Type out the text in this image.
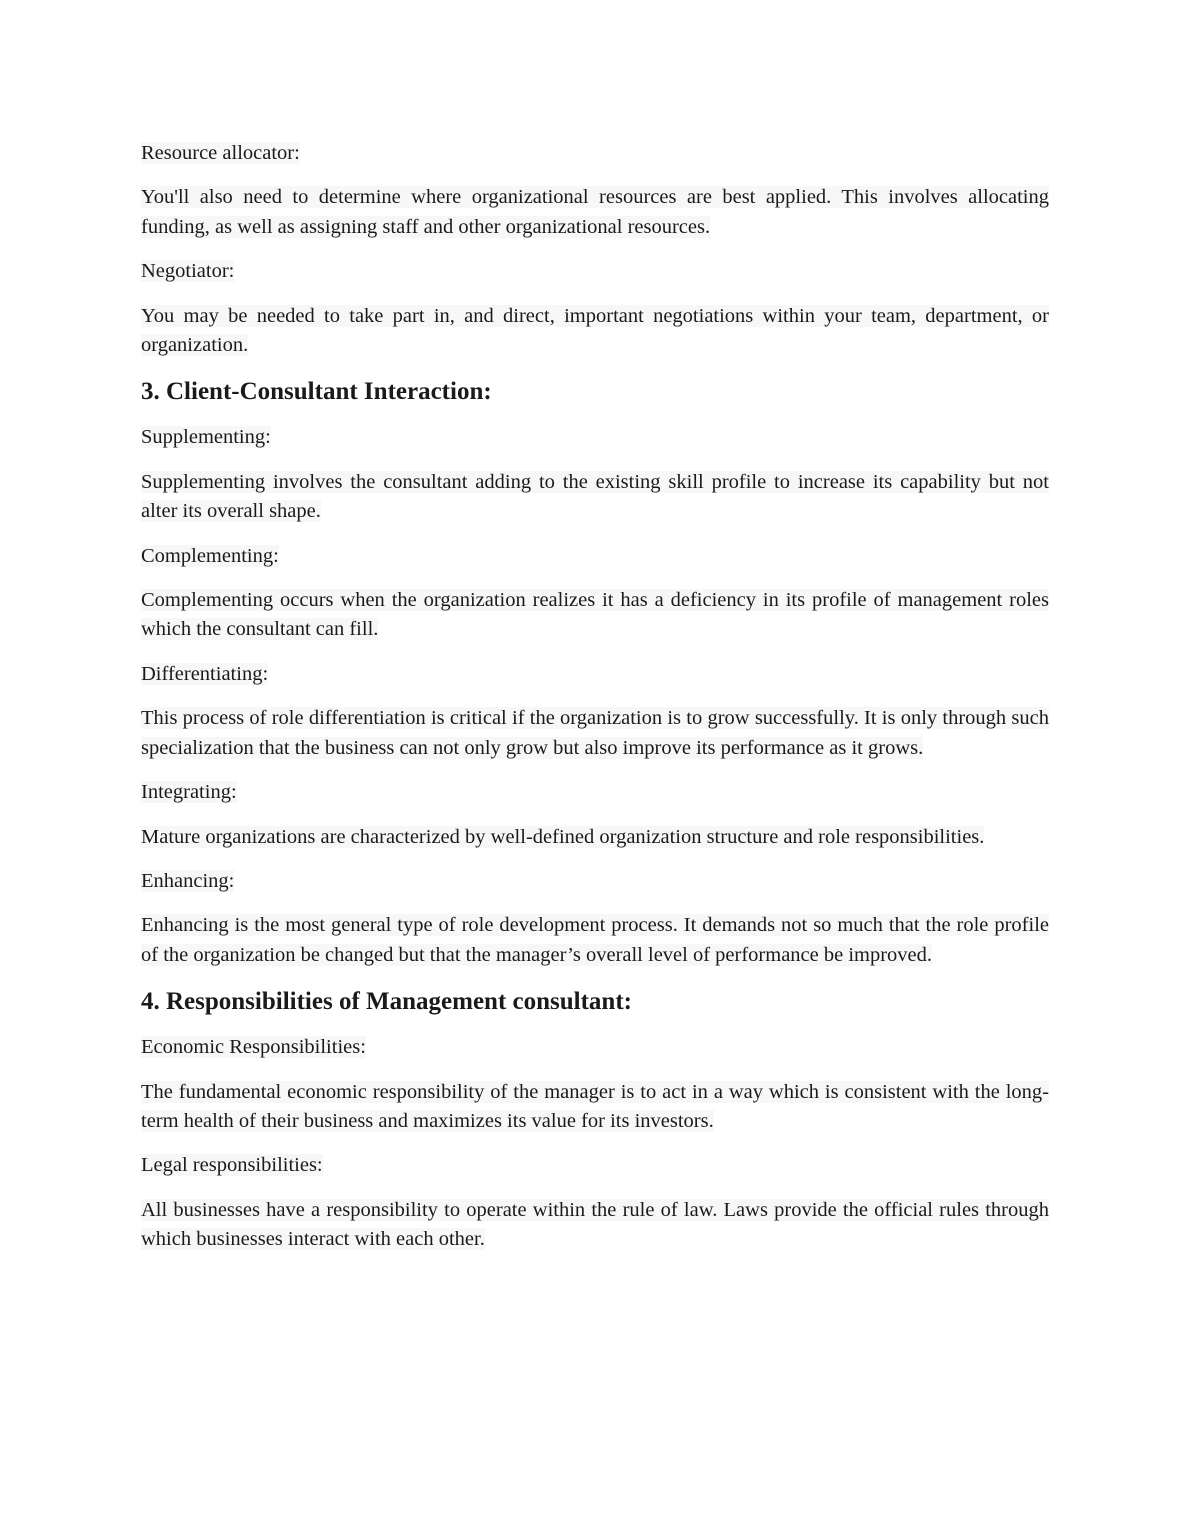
Resource allocator:

You'll also need to determine where organizational resources are best applied. This involves allocating funding, as well as assigning staff and other organizational resources.

Negotiator:

You may be needed to take part in, and direct, important negotiations within your team, department, or organization.

3. Client-Consultant Interaction:

Supplementing:

Supplementing involves the consultant adding to the existing skill profile to increase its capability but not alter its overall shape.

Complementing:

Complementing occurs when the organization realizes it has a deficiency in its profile of management roles which the consultant can fill.

Differentiating:

This process of role differentiation is critical if the organization is to grow successfully. It is only through such specialization that the business can not only grow but also improve its performance as it grows.

Integrating:

Mature organizations are characterized by well-defined organization structure and role responsibilities.

Enhancing:

Enhancing is the most general type of role development process. It demands not so much that the role profile of the organization be changed but that the manager’s overall level of performance be improved.

4. Responsibilities of Management consultant:

Economic Responsibilities:

The fundamental economic responsibility of the manager is to act in a way which is consistent with the long-term health of their business and maximizes its value for its investors.

Legal responsibilities:

All businesses have a responsibility to operate within the rule of law. Laws provide the official rules through which businesses interact with each other.
